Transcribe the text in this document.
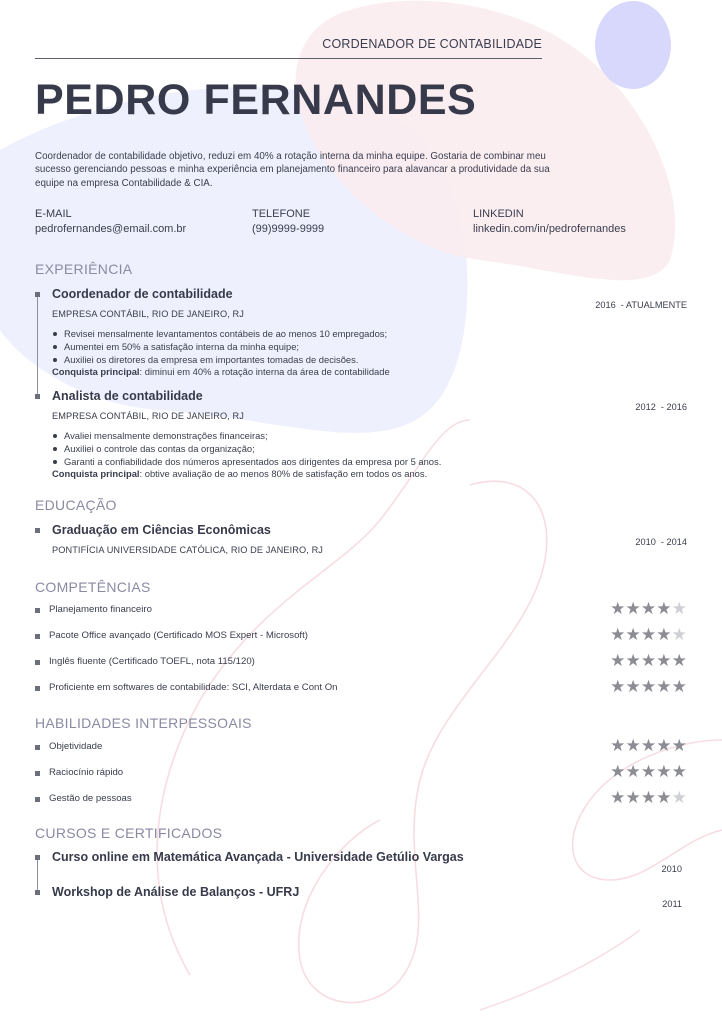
CORDENADOR DE CONTABILIDADE
PEDRO FERNANDES
Coordenador de contabilidade objetivo, reduzi em 40% a rotação interna da minha equipe. Gostaria de combinar meu sucesso gerenciando pessoas e minha experiência em planejamento financeiro para alavancar a produtividade da sua equipe na empresa Contabilidade & CIA.
E-MAIL
pedrofernandes@email.com.br
TELEFONE
(99)9999-9999
LINKEDIN
linkedin.com/in/pedrofernandes
EXPERIÊNCIA
Coordenador de contabilidade
2016  - ATUALMENTE
EMPRESA CONTÁBIL, RIO DE JANEIRO, RJ
Revisei mensalmente levantamentos contábeis de ao menos 10 empregados;
Aumentei em 50% a satisfação interna da minha equipe;
Auxiliei os diretores da empresa em importantes tomadas de decisões.
Conquista principal: diminui em 40% a rotação interna da área de contabilidade
Analista de contabilidade
2012  - 2016
EMPRESA CONTÁBIL, RIO DE JANEIRO, RJ
Avaliei mensalmente demonstrações financeiras;
Auxiliei o controle das contas da organização;
Garanti a confiabilidade dos números apresentados aos dirigentes da empresa por 5 anos.
Conquista principal: obtive avaliação de ao menos 80% de satisfação em todos os anos.
EDUCAÇÃO
Graduação em Ciências Econômicas
2010  - 2014
PONTIFÍCIA UNIVERSIDADE CATÓLICA, RIO DE JANEIRO, RJ
COMPETÊNCIAS
Planejamento financeiro	★ ★ ★ ★ ★
Pacote Office avançado (Certificado MOS Expert - Microsoft)	★ ★ ★ ★ ★
Inglês fluente (Certificado TOEFL, nota 115/120)	★ ★ ★ ★ ★
Proficiente em softwares de contabilidade: SCI, Alterdata e Cont On	★ ★ ★ ★ ★
HABILIDADES INTERPESSOAIS
Objetividade	★ ★ ★ ★ ★
Raciocínio rápido	★ ★ ★ ★ ★
Gestão de pessoas	★ ★ ★ ★ ★
CURSOS E CERTIFICADOS
Curso online em Matemática Avançada - Universidade Getúlio Vargas
2010
Workshop de Análise de Balanços - UFRJ
2011
